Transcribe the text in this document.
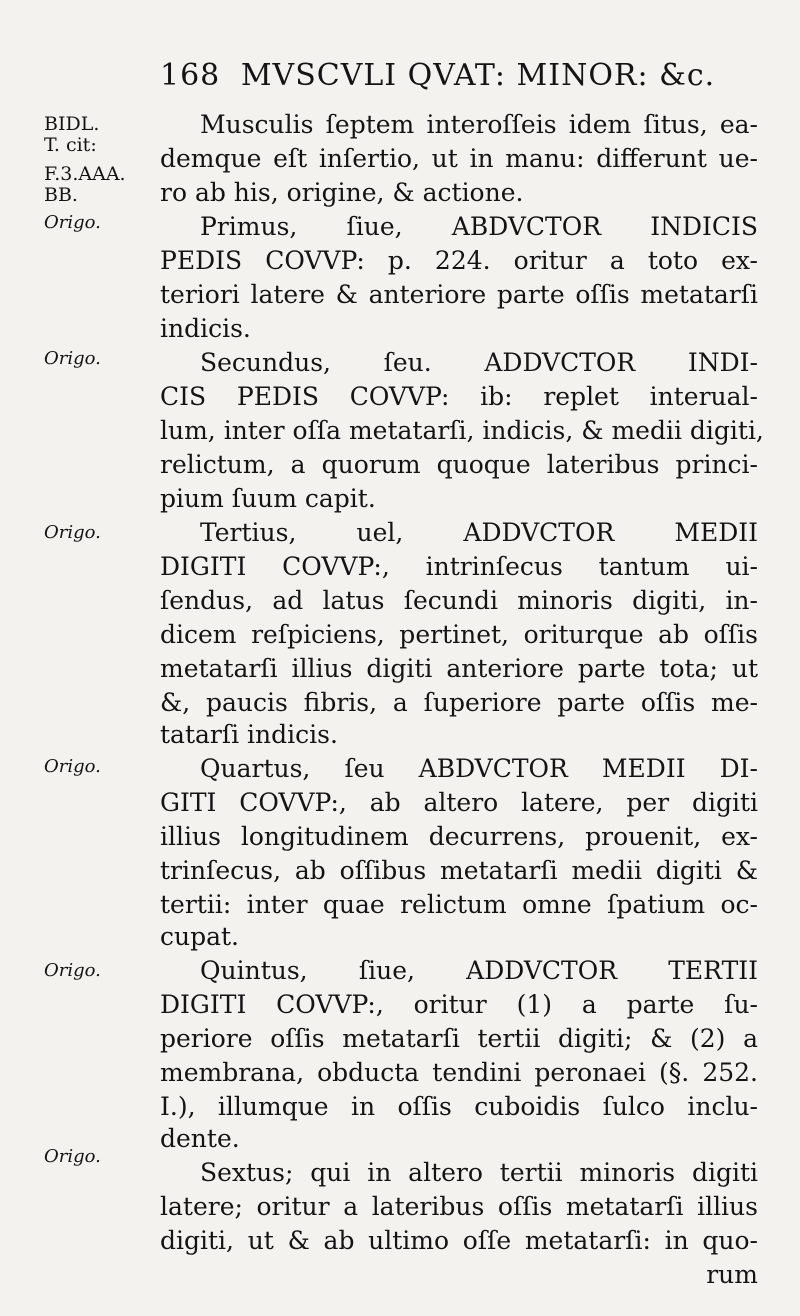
168 MVSCVLI QVAT: MINOR: &c.
BIDL.
T. cit:
F.3.AAA.
BB.
Origo.
Origo.
Origo.
Origo.
Origo.
Origo.
Musculis ſeptem interoſſeis idem ſitus, ea-
demque eſt inſertio, ut in manu: differunt ue-
ro ab his, origine, & actione.
Primus, ſiue, ABDVCTOR INDICIS
PEDIS COVVP: p. 224. oritur a toto ex-
teriori latere & anteriore parte oſſis metatarſi
indicis.
Secundus, ſeu. ADDVCTOR INDI-
CIS PEDIS COVVP: ib: replet interual-
lum, inter oſſa metatarſi, indicis, & medii digiti,
relictum, a quorum quoque lateribus princi-
pium ſuum capit.
Tertius, uel, ADDVCTOR MEDII
DIGITI COVVP:, intrinſecus tantum ui-
ſendus, ad latus ſecundi minoris digiti, in-
dicem reſpiciens, pertinet, oriturque ab oſſis
metatarſi illius digiti anteriore parte tota; ut
&, paucis fibris, a ſuperiore parte oſſis me-
tatarſi indicis.
Quartus, ſeu ABDVCTOR MEDII DI-
GITI COVVP:, ab altero latere, per digiti
illius longitudinem decurrens, prouenit, ex-
trinſecus, ab oſſibus metatarſi medii digiti &
tertii: inter quae relictum omne ſpatium oc-
cupat.
Quintus, ſiue, ADDVCTOR TERTII
DIGITI COVVP:, oritur (1) a parte ſu-
periore oſſis metatarſi tertii digiti; & (2) a
membrana, obducta tendini peronaei (§. 252.
I.), illumque in oſſis cuboidis ſulco inclu-
dente.
Sextus; qui in altero tertii minoris digiti
latere; oritur a lateribus oſſis metatarſi illius
digiti, ut & ab ultimo oſſe metatarſi: in quo-
rum
